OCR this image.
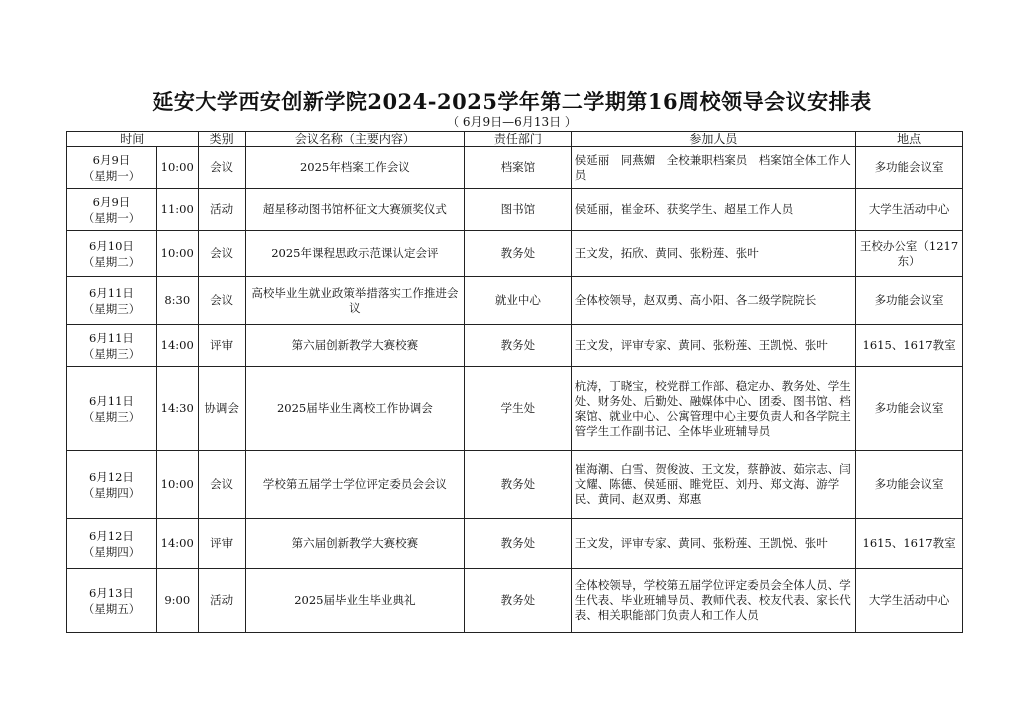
延安大学西安创新学院2024-2025学年第二学期第16周校领导会议安排表
（ 6月9日—6月13日 ）
时间		类别	会议名称（主要内容）	责任部门	参加人员	地点

6月9日
（星期一）	10:00	会议	2025年档案工作会议	档案馆	侯延丽　同燕媚　全校兼职档案员　档案馆全体工作人员	多功能会议室

6月9日
（星期一）	11:00	活动	超星移动图书馆杯征文大赛颁奖仪式	图书馆	侯延丽，崔金环、获奖学生、超星工作人员	大学生活动中心

6月10日
（星期二）	10:00	会议	2025年课程思政示范课认定会评	教务处	王文发，拓欣、黄同、张粉莲、张叶	王校办公室（1217东）

6月11日
（星期三）	8:30	会议	高校毕业生就业政策举措落实工作推进会议	就业中心	全体校领导，赵双勇、高小阳、各二级学院院长	多功能会议室

6月11日
（星期三）	14:00	评审	第六届创新教学大赛校赛	教务处	王文发，评审专家、黄同、张粉莲、王凯悦、张叶	1615、1617教室

6月11日
（星期三）	14:30	协调会	2025届毕业生离校工作协调会	学生处	杭涛，丁晓宝，校党群工作部、稳定办、教务处、学生处、财务处、后勤处、融媒体中心、团委、图书馆、档案馆、就业中心、公寓管理中心主要负责人和各学院主管学生工作副书记、全体毕业班辅导员	多功能会议室

6月12日
（星期四）	10:00	会议	学校第五届学士学位评定委员会会议	教务处	崔海潮、白雪、贺俊波、王文发，蔡静波、茹宗志、闫文耀、陈德、侯延丽、睢党臣、刘丹、郑文海、游学民、黄同、赵双勇、郑惠	多功能会议室

6月12日
（星期四）	14:00	评审	第六届创新教学大赛校赛	教务处	王文发，评审专家、黄同、张粉莲、王凯悦、张叶	1615、1617教室

6月13日
（星期五）	9:00	活动	2025届毕业生毕业典礼	教务处	全体校领导，学校第五届学位评定委员会全体人员、学生代表、毕业班辅导员、教师代表、校友代表、家长代表、相关职能部门负责人和工作人员	大学生活动中心
